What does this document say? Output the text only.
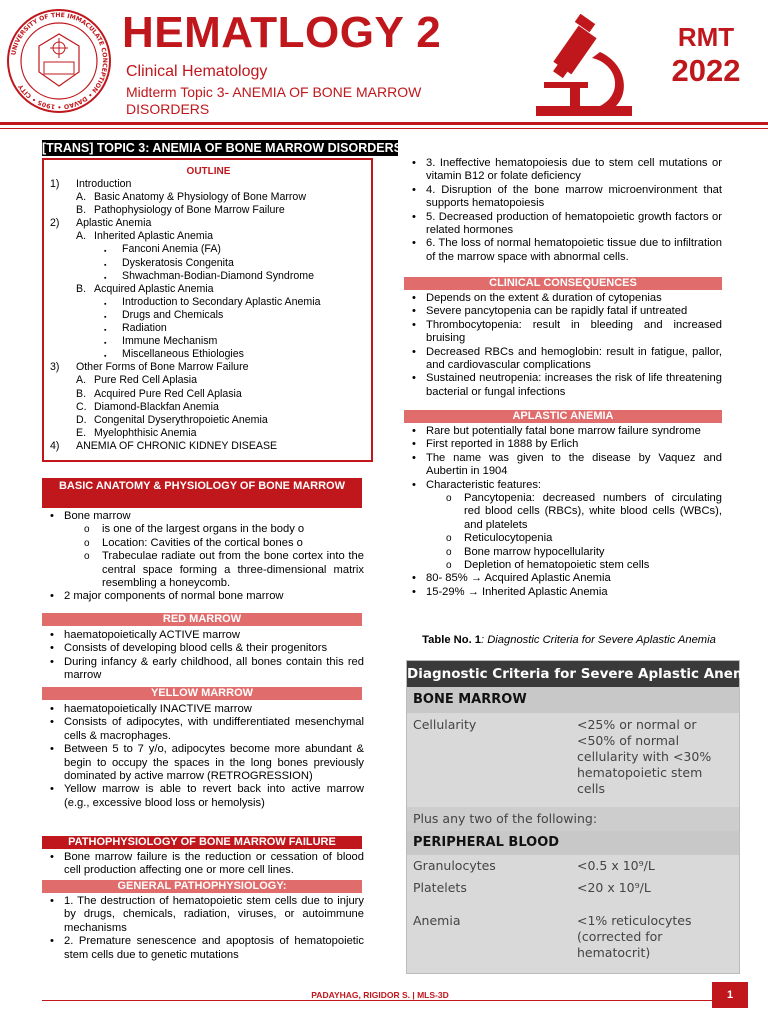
UNIVERSITY OF THE IMMACULATE CONCEPTION • DAVAO • 1905 • CITY
HEMATLOGY 2
Clinical Hematology
Midterm Topic 3- ANEMIA OF BONE MARROW DISORDERS
RMT
2022
[TRANS] TOPIC 3: ANEMIA OF BONE MARROW DISORDERS
OUTLINE
1) Introduction
A. Basic Anatomy & Physiology of Bone Marrow
B. Pathophysiology of Bone Marrow Failure
2) Aplastic Anemia
A. Inherited Aplastic Anemia
▪ Fanconi Anemia (FA)
▪ Dyskeratosis Congenita
▪ Shwachman-Bodian-Diamond Syndrome
B. Acquired Aplastic Anemia
▪ Introduction to Secondary Aplastic Anemia
▪ Drugs and Chemicals
▪ Radiation
▪ Immune Mechanism
▪ Miscellaneous Ethiologies
3) Other Forms of Bone Marrow Failure
A. Pure Red Cell Aplasia
B. Acquired Pure Red Cell Aplasia
C. Diamond-Blackfan Anemia
D. Congenital Dyserythropoietic Anemia
E. Myelophthisic Anemia
4) ANEMIA OF CHRONIC KIDNEY DISEASE
BASIC ANATOMY & PHYSIOLOGY OF BONE MARROW
• Bone marrow
o is one of the largest organs in the body o
o Location: Cavities of the cortical bones o
o Trabeculae radiate out from the bone cortex into the central space forming a three-dimensional matrix resembling a honeycomb.
• 2 major components of normal bone marrow
RED MARROW
• haematopoietically ACTIVE marrow
• Consists of developing blood cells & their progenitors
• During infancy & early childhood, all bones contain this red marrow
YELLOW MARROW
• haematopoietically INACTIVE marrow
• Consists of adipocytes, with undifferentiated mesenchymal cells & macrophages.
• Between 5 to 7 y/o, adipocytes become more abundant & begin to occupy the spaces in the long bones previously dominated by active marrow (RETROGRESSION)
• Yellow marrow is able to revert back into active marrow (e.g., excessive blood loss or hemolysis)
PATHOPHYSIOLOGY OF BONE MARROW FAILURE
• Bone marrow failure is the reduction or cessation of blood cell production affecting one or more cell lines.
GENERAL PATHOPHYSIOLOGY:
• 1. The destruction of hematopoietic stem cells due to injury by drugs, chemicals, radiation, viruses, or autoimmune mechanisms
• 2. Premature senescence and apoptosis of hematopoietic stem cells due to genetic mutations
• 3. Ineffective hematopoiesis due to stem cell mutations or vitamin B12 or folate deficiency
• 4. Disruption of the bone marrow microenvironment that supports hematopoiesis
• 5. Decreased production of hematopoietic growth factors or related hormones
• 6. The loss of normal hematopoietic tissue due to infiltration of the marrow space with abnormal cells.
CLINICAL CONSEQUENCES
• Depends on the extent & duration of cytopenias
• Severe pancytopenia can be rapidly fatal if untreated
• Thrombocytopenia: result in bleeding and increased bruising
• Decreased RBCs and hemoglobin: result in fatigue, pallor, and cardiovascular complications
• Sustained neutropenia: increases the risk of life threatening bacterial or fungal infections
APLASTIC ANEMIA
• Rare but potentially fatal bone marrow failure syndrome
• First reported in 1888 by Erlich
• The name was given to the disease by Vaquez and Aubertin in 1904
• Characteristic features:
o Pancytopenia: decreased numbers of circulating red blood cells (RBCs), white blood cells (WBCs), and platelets
o Reticulocytopenia
o Bone marrow hypocellularity
o Depletion of hematopoietic stem cells
• 80- 85% → Acquired Aplastic Anemia
• 15-29% → Inherited Aplastic Anemia
Table No. 1: Diagnostic Criteria for Severe Aplastic Anemia
Diagnostic Criteria for Severe Aplastic Anemia
BONE MARROW
Cellularity	<25% or normal or <50% of normal cellularity with <30% hematopoietic stem cells
Plus any two of the following:
PERIPHERAL BLOOD
Granulocytes	<0.5 x 10⁹/L
Platelets	<20 x 10⁹/L
Anemia	<1% reticulocytes (corrected for hematocrit)
PADAYHAG, RIGIDOR S. | MLS-3D	1
